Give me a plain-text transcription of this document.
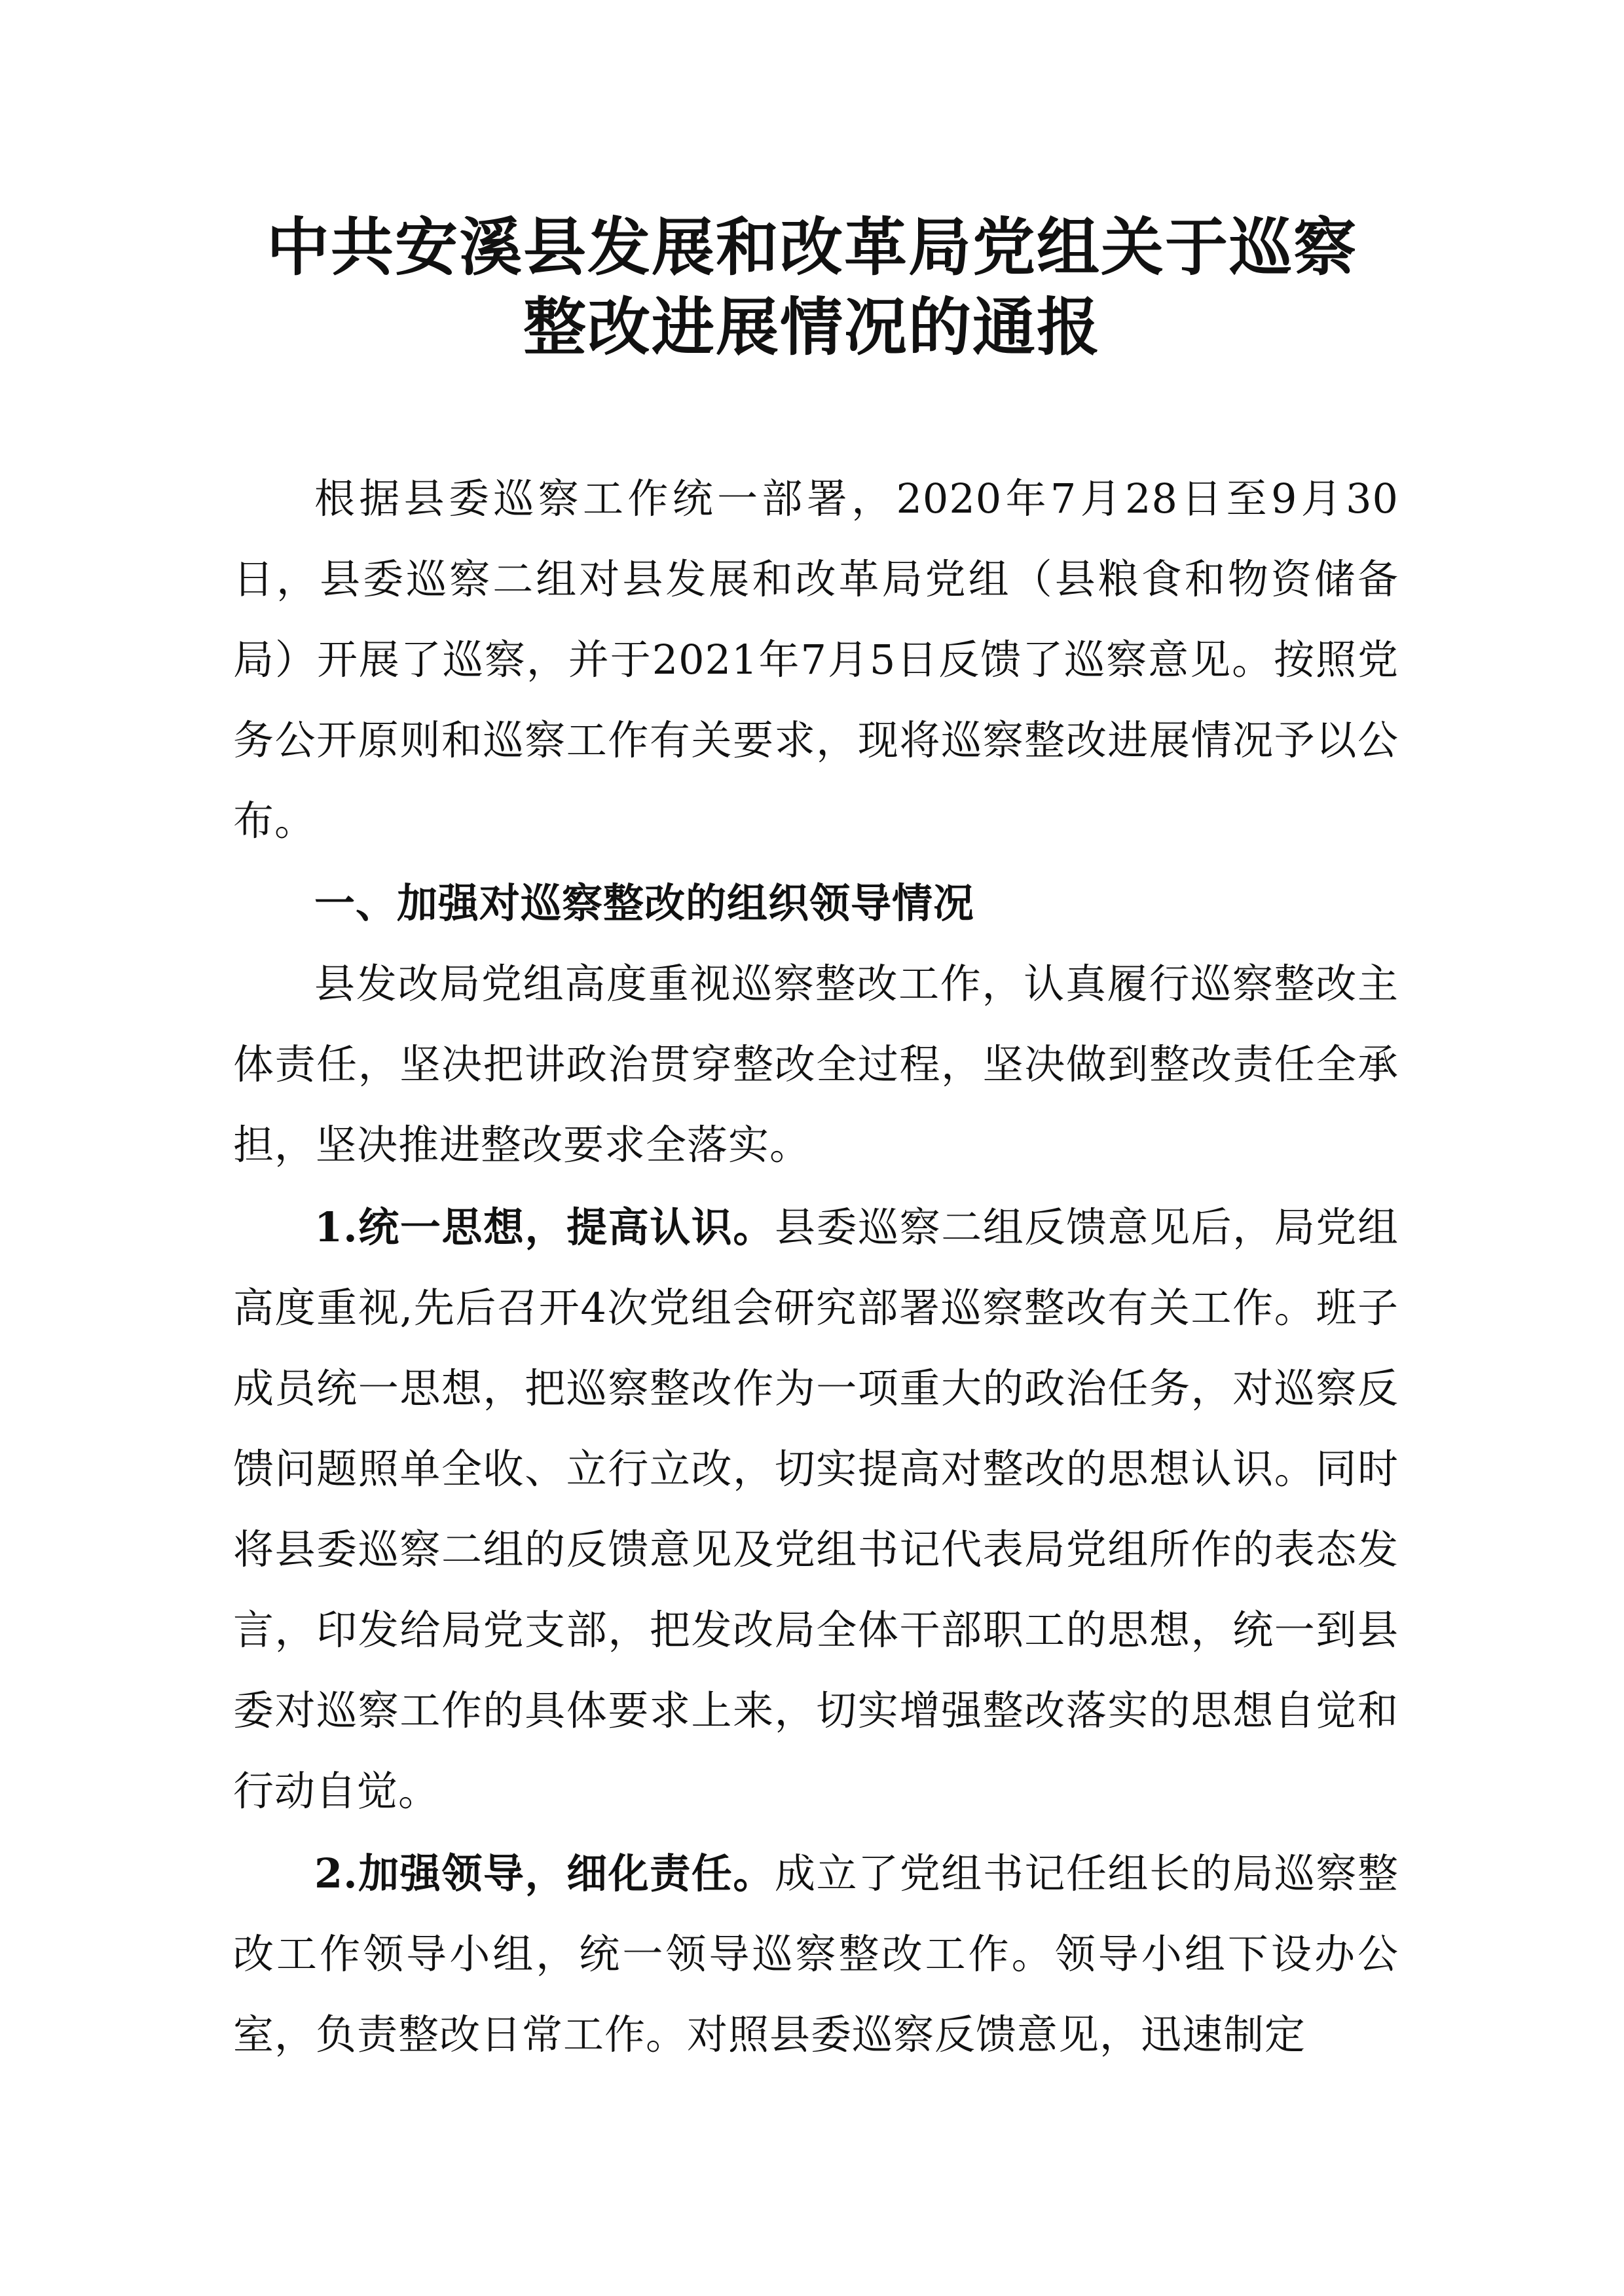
中共安溪县发展和改革局党组关于巡察
整改进展情况的通报

根据县委巡察工作统一部署，2020年7月28日至9月30日，县委巡察二组对县发展和改革局党组（县粮食和物资储备局）开展了巡察，并于2021年7月5日反馈了巡察意见。按照党务公开原则和巡察工作有关要求，现将巡察整改进展情况予以公布。

一、加强对巡察整改的组织领导情况

县发改局党组高度重视巡察整改工作，认真履行巡察整改主体责任，坚决把讲政治贯穿整改全过程，坚决做到整改责任全承担，坚决推进整改要求全落实。

1.统一思想，提高认识。县委巡察二组反馈意见后，局党组高度重视,先后召开4次党组会研究部署巡察整改有关工作。班子成员统一思想，把巡察整改作为一项重大的政治任务，对巡察反馈问题照单全收、立行立改，切实提高对整改的思想认识。同时将县委巡察二组的反馈意见及党组书记代表局党组所作的表态发言，印发给局党支部，把发改局全体干部职工的思想，统一到县委对巡察工作的具体要求上来，切实增强整改落实的思想自觉和行动自觉。

2.加强领导，细化责任。成立了党组书记任组长的局巡察整改工作领导小组，统一领导巡察整改工作。领导小组下设办公室，负责整改日常工作。对照县委巡察反馈意见，迅速制定
